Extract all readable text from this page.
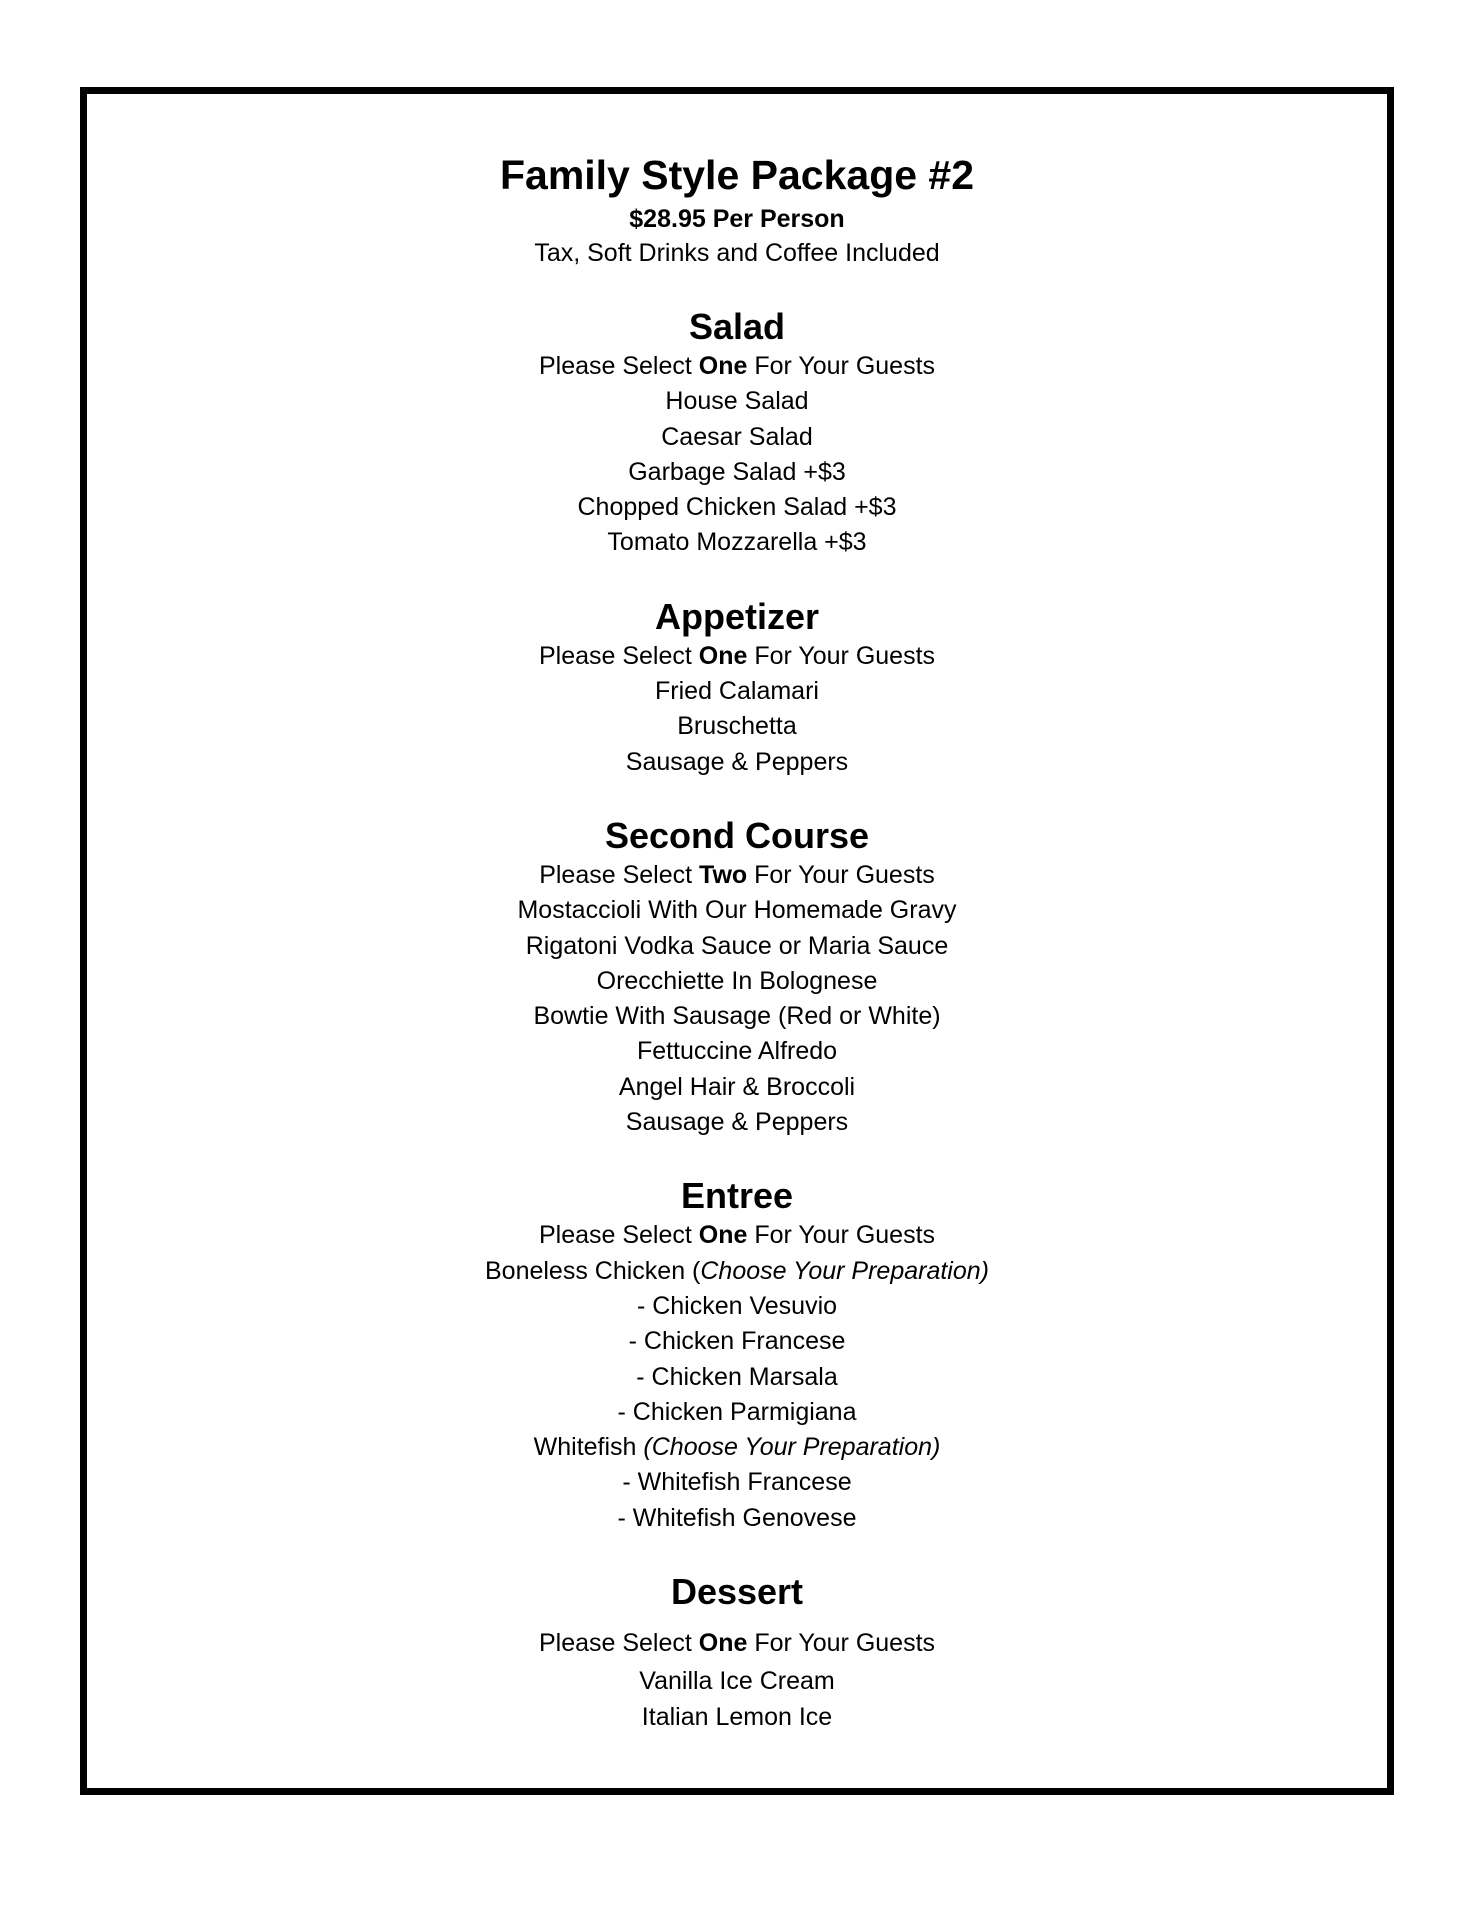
Family Style Package #2
$28.95 Per Person
Tax, Soft Drinks and Coffee Included
Salad
Please Select One For Your Guests
House Salad
Caesar Salad
Garbage Salad +$3
Chopped Chicken Salad +$3
Tomato Mozzarella +$3
Appetizer
Please Select One For Your Guests
Fried Calamari
Bruschetta
Sausage & Peppers
Second Course
Please Select Two For Your Guests
Mostaccioli With Our Homemade Gravy
Rigatoni Vodka Sauce or Maria Sauce
Orecchiette In Bolognese
Bowtie With Sausage (Red or White)
Fettuccine Alfredo
Angel Hair & Broccoli
Sausage & Peppers
Entree
Please Select One For Your Guests
Boneless Chicken (Choose Your Preparation)
- Chicken Vesuvio
- Chicken Francese
- Chicken Marsala
- Chicken Parmigiana
Whitefish (Choose Your Preparation)
- Whitefish Francese
- Whitefish Genovese
Dessert
Please Select One For Your Guests
Vanilla Ice Cream
Italian Lemon Ice
